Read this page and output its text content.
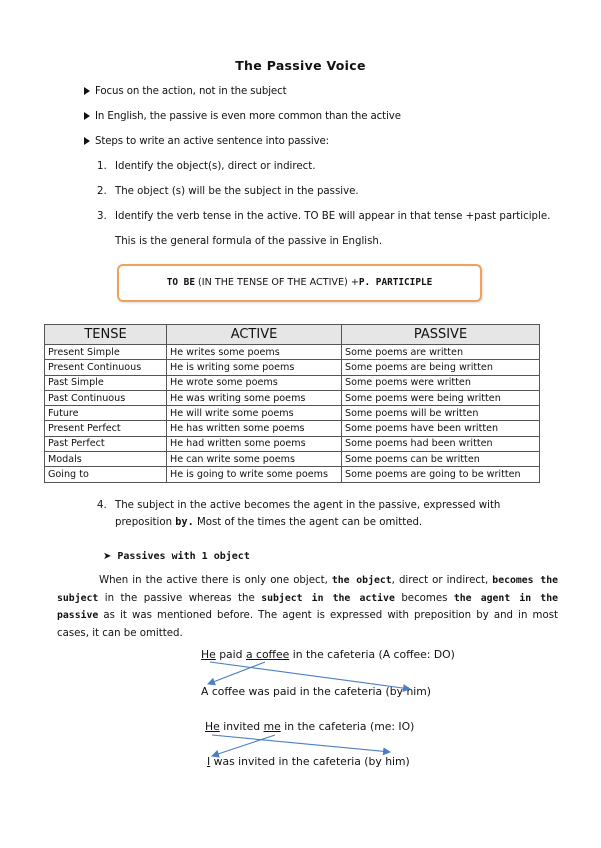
The Passive Voice
Focus on the action, not in the subject
In English, the passive is even more common than the active
Steps to write an active sentence into passive:
1. Identify the object(s), direct or indirect.
2. The object (s) will be the subject in the passive.
3. Identify the verb tense in the active. TO BE will appear in that tense +past participle.
This is the general formula of the passive in English.
TO BE (IN THE TENSE OF THE ACTIVE) +P. PARTICIPLE
TENSE	ACTIVE	PASSIVE
Present Simple	He writes some poems	Some poems are written
Present Continuous	He is writing some poems	Some poems are being written
Past Simple	He wrote some poems	Some poems were written
Past Continuous	He was writing some poems	Some poems were being written
Future	He will write some poems	Some poems will be written
Present Perfect	He has written some poems	Some poems have been written
Past Perfect	He had written some poems	Some poems had been written
Modals	He can write some poems	Some poems can be written
Going to	He is going to write some poems	Some poems are going to be written
4. The subject in the active becomes the agent in the passive, expressed with
preposition by. Most of the times the agent can be omitted.
➤ Passives with 1 object
When in the active there is only one object, the object, direct or indirect, becomes the subject in the passive whereas the subject in the active becomes the agent in the passive as it was mentioned before. The agent is expressed with preposition by and in most cases, it can be omitted.
He paid a coffee in the cafeteria (A coffee: DO)
A coffee was paid in the cafeteria (by him)
He invited me in the cafeteria (me: IO)
I was invited in the cafeteria (by him)
